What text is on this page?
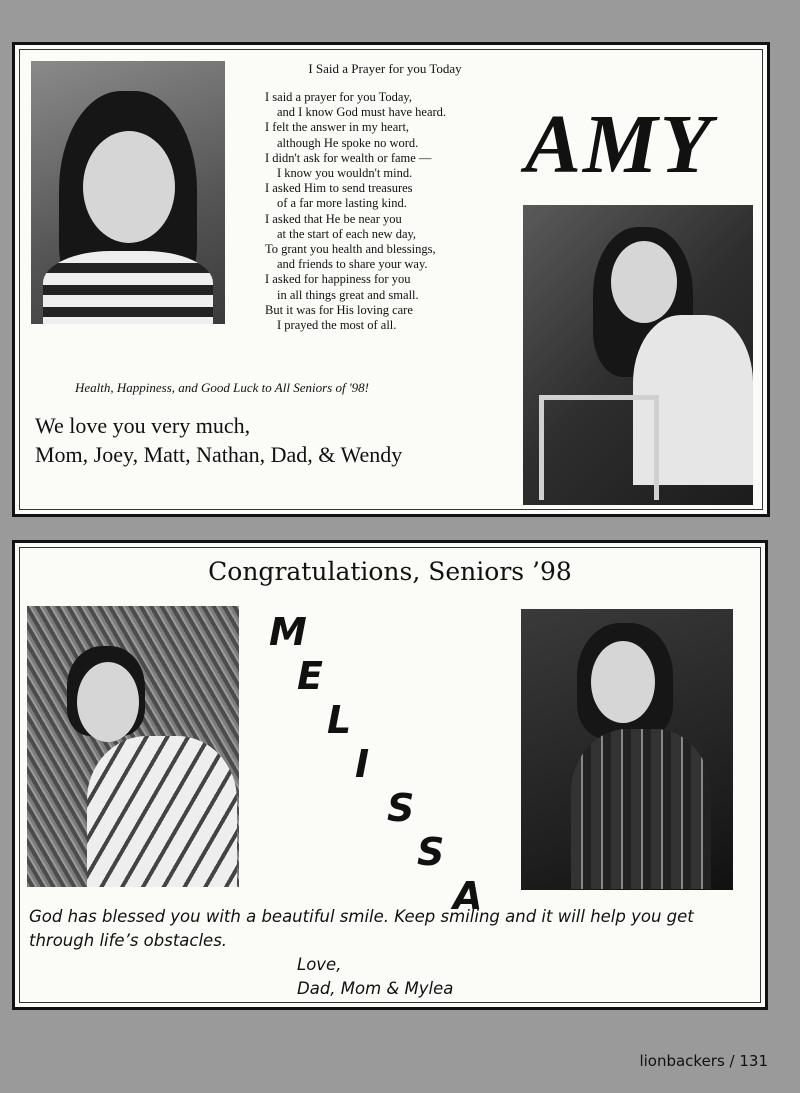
I Said a Prayer for you Today
I said a prayer for you Today,
and I know God must have heard.
I felt the answer in my heart,
although He spoke no word.
I didn't ask for wealth or fame —
I know you wouldn't mind.
I asked Him to send treasures
of a far more lasting kind.
I asked that He be near you
at the start of each new day,
To grant you health and blessings,
and friends to share your way.
I asked for happiness for you
in all things great and small.
But it was for His loving care
I prayed the most of all.
AMY
Health, Happiness, and Good Luck to All Seniors of '98!
We love you very much,
Mom, Joey, Matt, Nathan, Dad, & Wendy
Congratulations, Seniors ’98
M
E
L
I
S
S
A
God has blessed you with a beautiful smile. Keep smiling and it will help you get through life’s obstacles.
Love,
Dad, Mom & Mylea
lionbackers / 131
